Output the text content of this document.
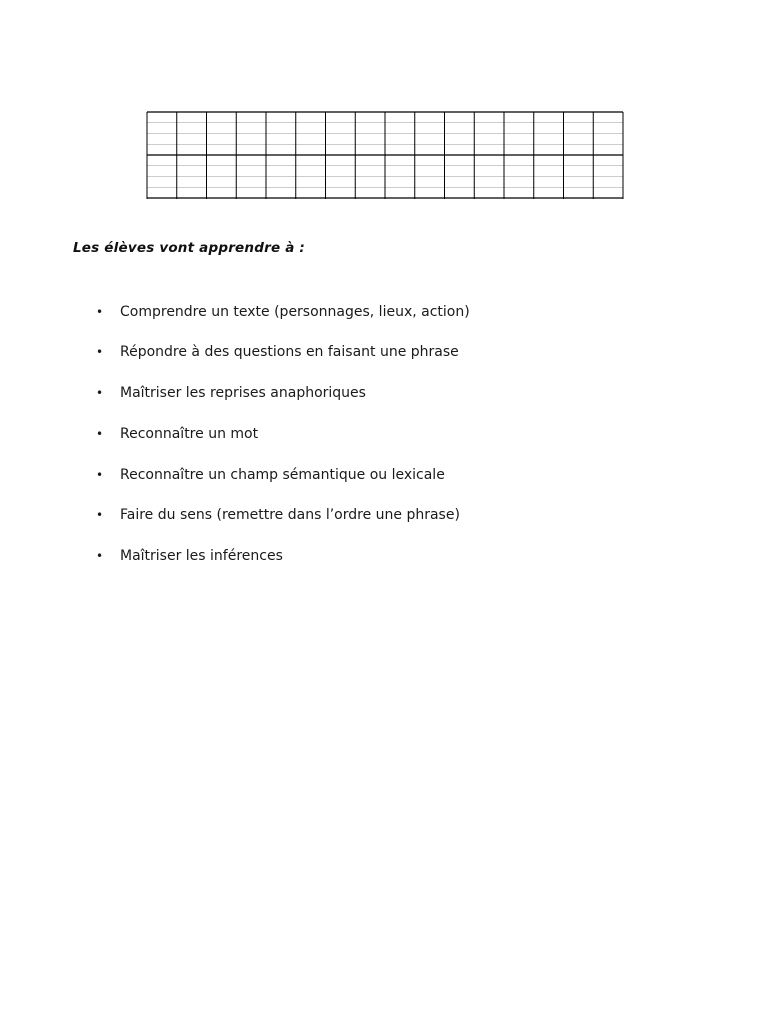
Les élèves vont apprendre à :

•	Comprendre un texte (personnages, lieux, action)
•	Répondre à des questions en faisant une phrase
•	Maîtriser les reprises anaphoriques
•	Reconnaître un mot
•	Reconnaître un champ sémantique ou lexicale
•	Faire du sens (remettre dans l’ordre une phrase)
•	Maîtriser les inférences
